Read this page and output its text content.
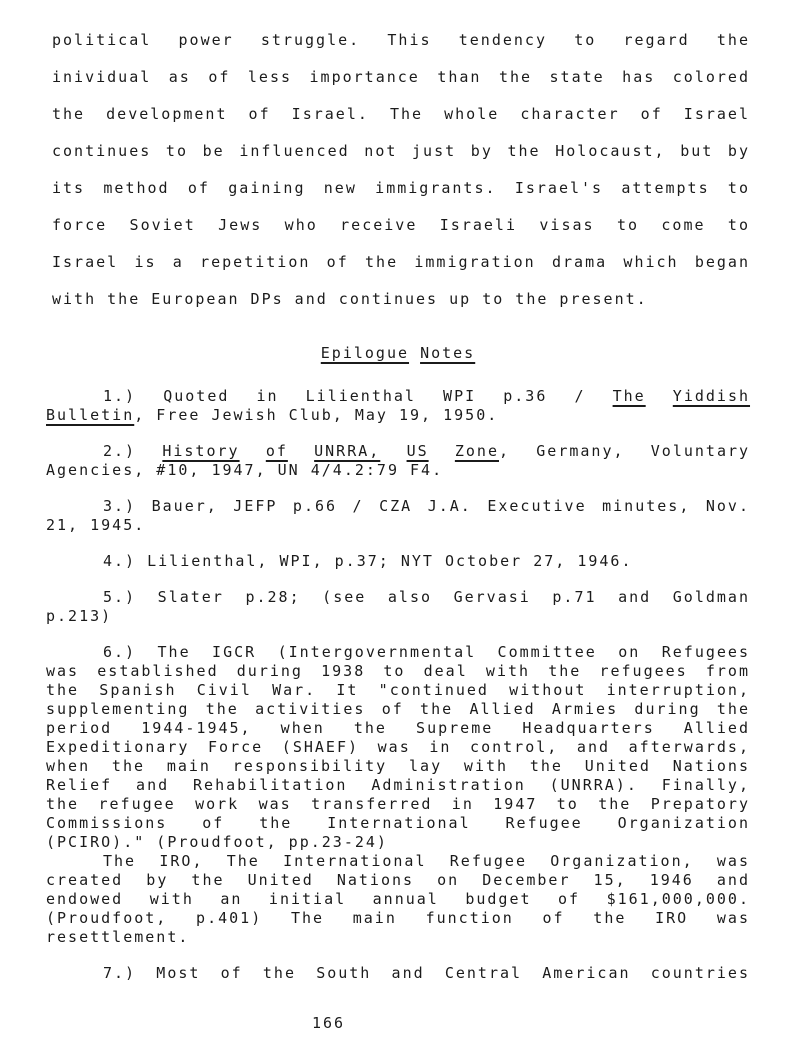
political power struggle. This tendency to regard the
inividual as of less importance than the state has colored
the development of Israel. The whole character of Israel
continues to be influenced not just by the Holocaust, but by
its method of gaining new immigrants. Israel's attempts to
force Soviet Jews who receive Israeli visas to come to
Israel is a repetition of the immigration drama which began
with the European DPs and continues up to the present.
Epilogue Notes
1.) Quoted in Lilienthal WPI p.36 / The Yiddish
Bulletin, Free Jewish Club, May 19, 1950.
2.) History of UNRRA, US Zone, Germany, Voluntary
Agencies, #10, 1947, UN 4/4.2:79 F4.
3.) Bauer, JEFP p.66 / CZA J.A. Executive minutes, Nov.
21, 1945.
4.) Lilienthal, WPI, p.37; NYT October 27, 1946.
5.) Slater p.28; (see also Gervasi p.71 and Goldman
p.213)
6.) The IGCR (Intergovernmental Committee on Refugees
was established during 1938 to deal with the refugees from
the Spanish Civil War. It "continued without interruption,
supplementing the activities of the Allied Armies during the
period 1944-1945, when the Supreme Headquarters Allied
Expeditionary Force (SHAEF) was in control, and afterwards,
when the main responsibility lay with the United Nations
Relief and Rehabilitation Administration (UNRRA). Finally,
the refugee work was transferred in 1947 to the Prepatory
Commissions of the International Refugee Organization
(PCIRO)." (Proudfoot, pp.23-24)
The IRO, The International Refugee Organization, was
created by the United Nations on December 15, 1946 and
endowed with an initial annual budget of $161,000,000.
(Proudfoot, p.401) The main function of the IRO was
resettlement.
7.) Most of the South and Central American countries
166
